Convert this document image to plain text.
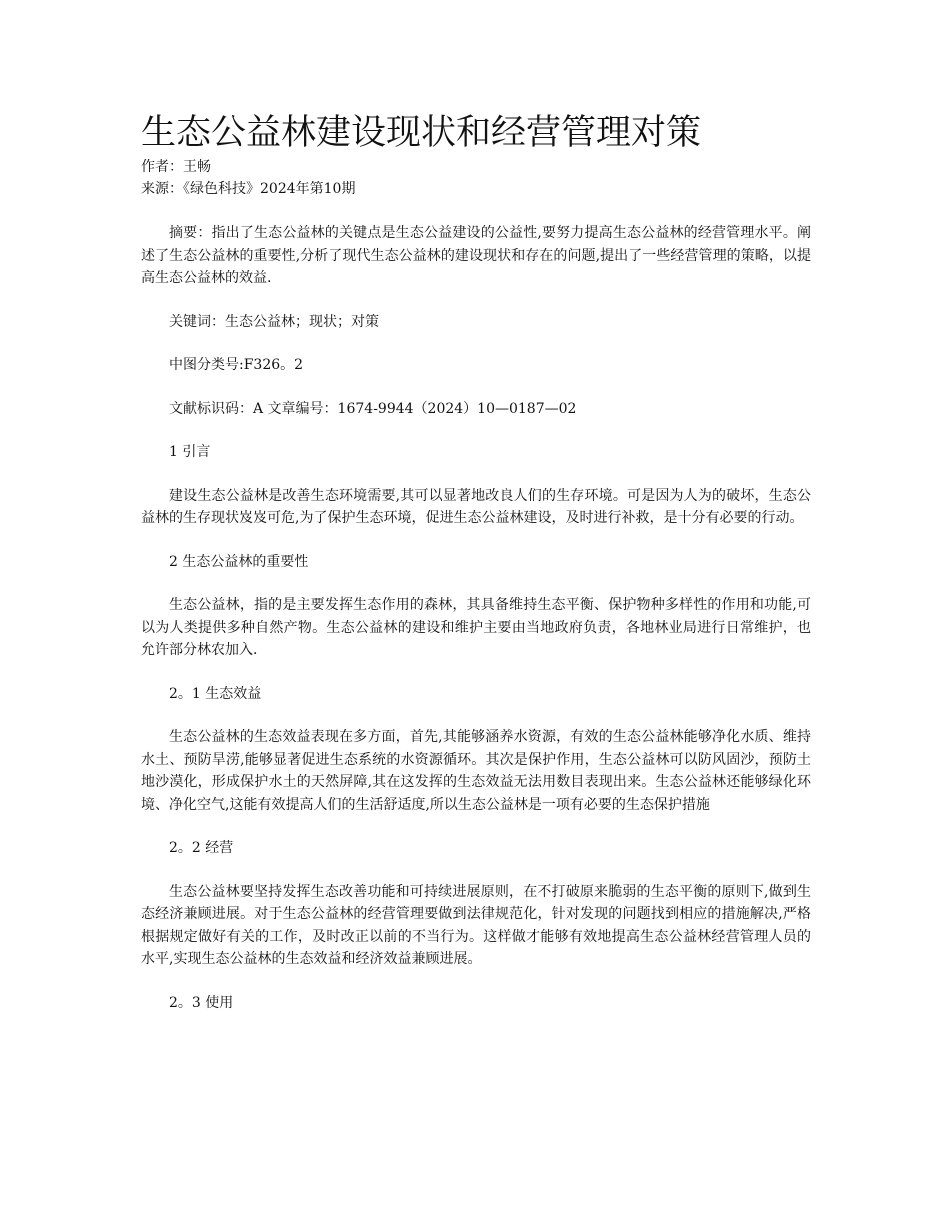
生态公益林建设现状和经营管理对策

作者：王畅

来源：《绿色科技》2024年第10期

摘要：指出了生态公益林的关键点是生态公益建设的公益性,要努力提高生态公益林的经营管理水平。阐述了生态公益林的重要性,分析了现代生态公益林的建设现状和存在的问题,提出了一些经营管理的策略，以提高生态公益林的效益.

关键词：生态公益林；现状；对策

中图分类号:F326。2

文献标识码：A 文章编号：1674-9944（2024）10—0187—02

1 引言

建设生态公益林是改善生态环境需要,其可以显著地改良人们的生存环境。可是因为人为的破坏，生态公益林的生存现状岌岌可危,为了保护生态环境，促进生态公益林建设，及时进行补救，是十分有必要的行动。

2 生态公益林的重要性

生态公益林，指的是主要发挥生态作用的森林，其具备维持生态平衡、保护物种多样性的作用和功能,可以为人类提供多种自然产物。生态公益林的建设和维护主要由当地政府负责，各地林业局进行日常维护，也允许部分林农加入.

2。1 生态效益

生态公益林的生态效益表现在多方面，首先,其能够涵养水资源，有效的生态公益林能够净化水质、维持水土、预防旱涝,能够显著促进生态系统的水资源循环。其次是保护作用，生态公益林可以防风固沙，预防土地沙漠化，形成保护水土的天然屏障,其在这发挥的生态效益无法用数目表现出来。生态公益林还能够绿化环境、净化空气,这能有效提高人们的生活舒适度,所以生态公益林是一项有必要的生态保护措施

2。2 经营

生态公益林要坚持发挥生态改善功能和可持续进展原则，在不打破原来脆弱的生态平衡的原则下,做到生态经济兼顾进展。对于生态公益林的经营管理要做到法律规范化，针对发现的问题找到相应的措施解决,严格根据规定做好有关的工作，及时改正以前的不当行为。这样做才能够有效地提高生态公益林经营管理人员的水平,实现生态公益林的生态效益和经济效益兼顾进展。

2。3 使用
